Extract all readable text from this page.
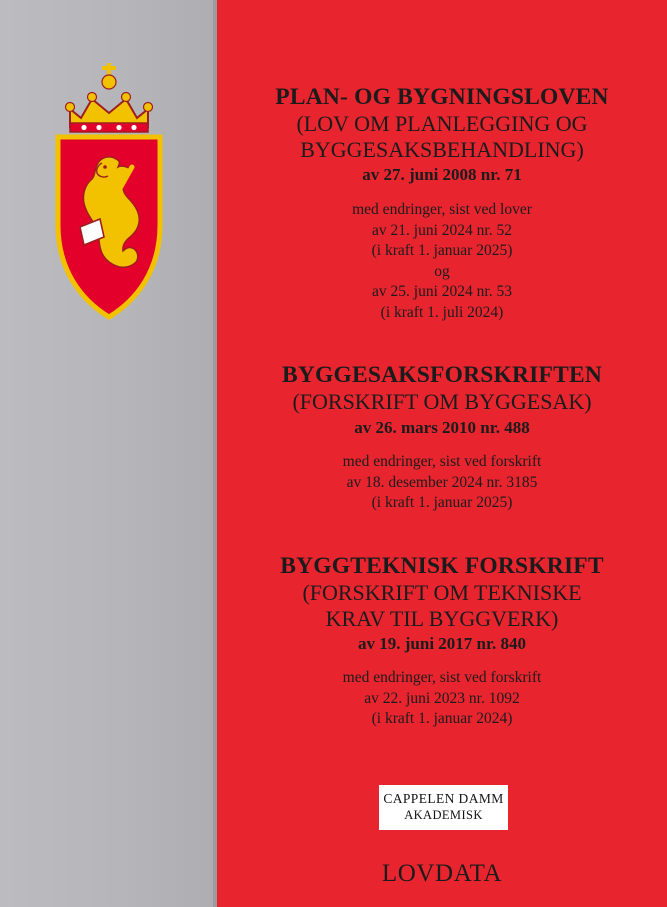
PLAN- OG BYGNINGSLOVEN
(LOV OM PLANLEGGING OG
BYGGESAKSBEHANDLING)
av 27. juni 2008 nr. 71
med endringer, sist ved lover
av 21. juni 2024 nr. 52
(i kraft 1. januar 2025)
og
av 25. juni 2024 nr. 53
(i kraft 1. juli 2024)
BYGGESAKSFORSKRIFTEN
(FORSKRIFT OM BYGGESAK)
av 26. mars 2010 nr. 488
med endringer, sist ved forskrift
av 18. desember 2024 nr. 3185
(i kraft 1. januar 2025)
BYGGTEKNISK FORSKRIFT
(FORSKRIFT OM TEKNISKE
KRAV TIL BYGGVERK)
av 19. juni 2017 nr. 840
med endringer, sist ved forskrift
av 22. juni 2023 nr. 1092
(i kraft 1. januar 2024)
CAPPELEN DAMM
AKADEMISK
LOVDATA
